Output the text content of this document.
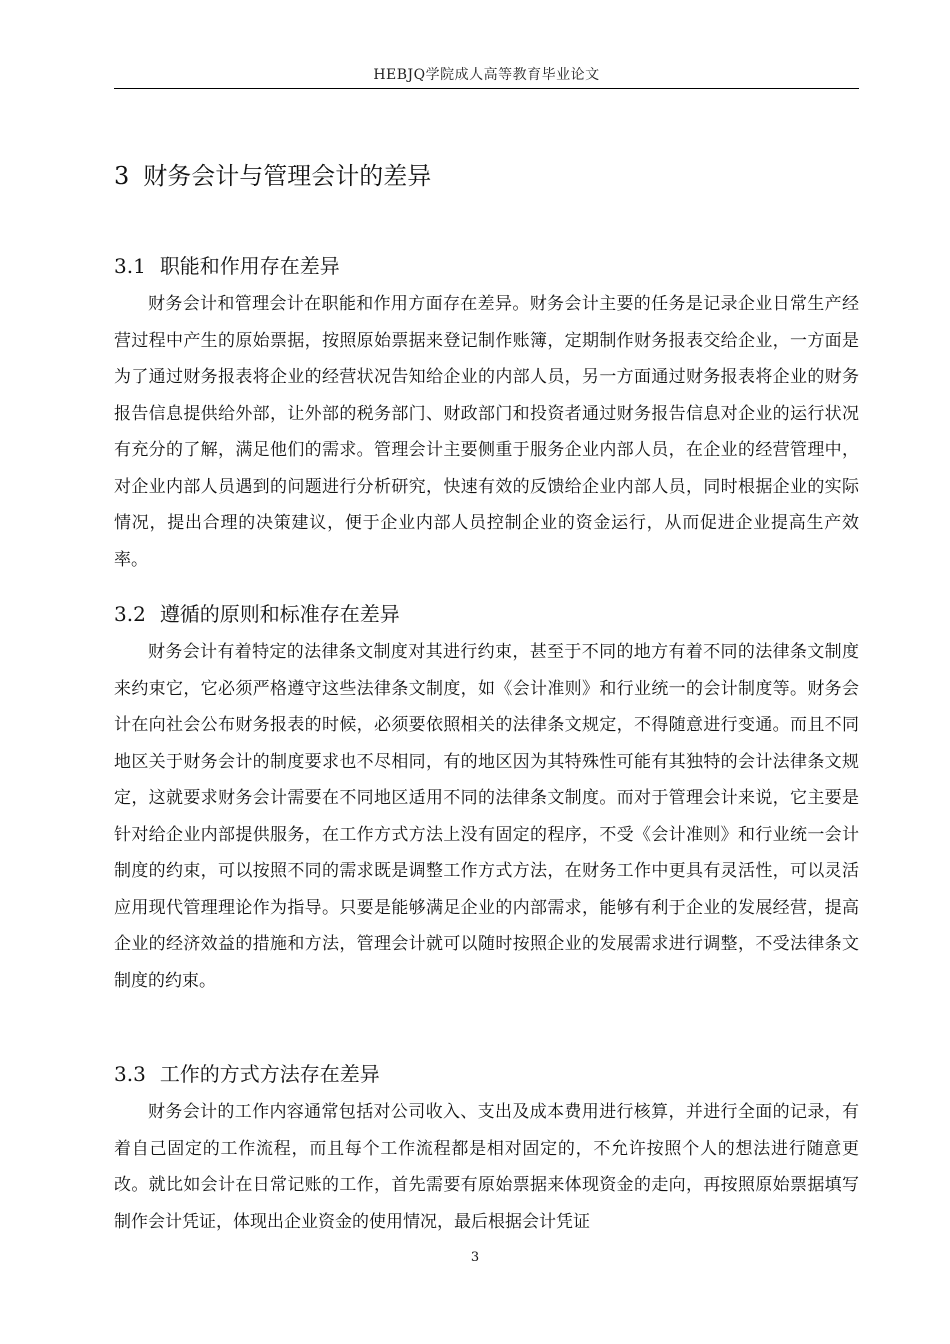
HEBJQ学院成人高等教育毕业论文
3 财务会计与管理会计的差异
3.1 职能和作用存在差异

财务会计和管理会计在职能和作用方面存在差异。财务会计主要的任务是记录企业日常生产经营过程中产生的原始票据，按照原始票据来登记制作账簿，定期制作财务报表交给企业，一方面是为了通过财务报表将企业的经营状况告知给企业的内部人员，另一方面通过财务报表将企业的财务报告信息提供给外部，让外部的税务部门、财政部门和投资者通过财务报告信息对企业的运行状况有充分的了解，满足他们的需求。管理会计主要侧重于服务企业内部人员，在企业的经营管理中，对企业内部人员遇到的问题进行分析研究，快速有效的反馈给企业内部人员，同时根据企业的实际情况，提出合理的决策建议，便于企业内部人员控制企业的资金运行，从而促进企业提高生产效率。

3.2 遵循的原则和标准存在差异

财务会计有着特定的法律条文制度对其进行约束，甚至于不同的地方有着不同的法律条文制度来约束它，它必须严格遵守这些法律条文制度，如《会计准则》和行业统一的会计制度等。财务会计在向社会公布财务报表的时候，必须要依照相关的法律条文规定，不得随意进行变通。而且不同地区关于财务会计的制度要求也不尽相同，有的地区因为其特殊性可能有其独特的会计法律条文规定，这就要求财务会计需要在不同地区适用不同的法律条文制度。而对于管理会计来说，它主要是针对给企业内部提供服务，在工作方式方法上没有固定的程序，不受《会计准则》和行业统一会计制度的约束，可以按照不同的需求既是调整工作方式方法，在财务工作中更具有灵活性，可以灵活应用现代管理理论作为指导。只要是能够满足企业的内部需求，能够有利于企业的发展经营，提高企业的经济效益的措施和方法，管理会计就可以随时按照企业的发展需求进行调整，不受法律条文制度的约束。

3.3 工作的方式方法存在差异

财务会计的工作内容通常包括对公司收入、支出及成本费用进行核算，并进行全面的记录，有着自己固定的工作流程，而且每个工作流程都是相对固定的，不允许按照个人的想法进行随意更改。就比如会计在日常记账的工作，首先需要有原始票据来体现资金的走向，再按照原始票据填写制作会计凭证，体现出企业资金的使用情况，最后根据会计凭证

3
